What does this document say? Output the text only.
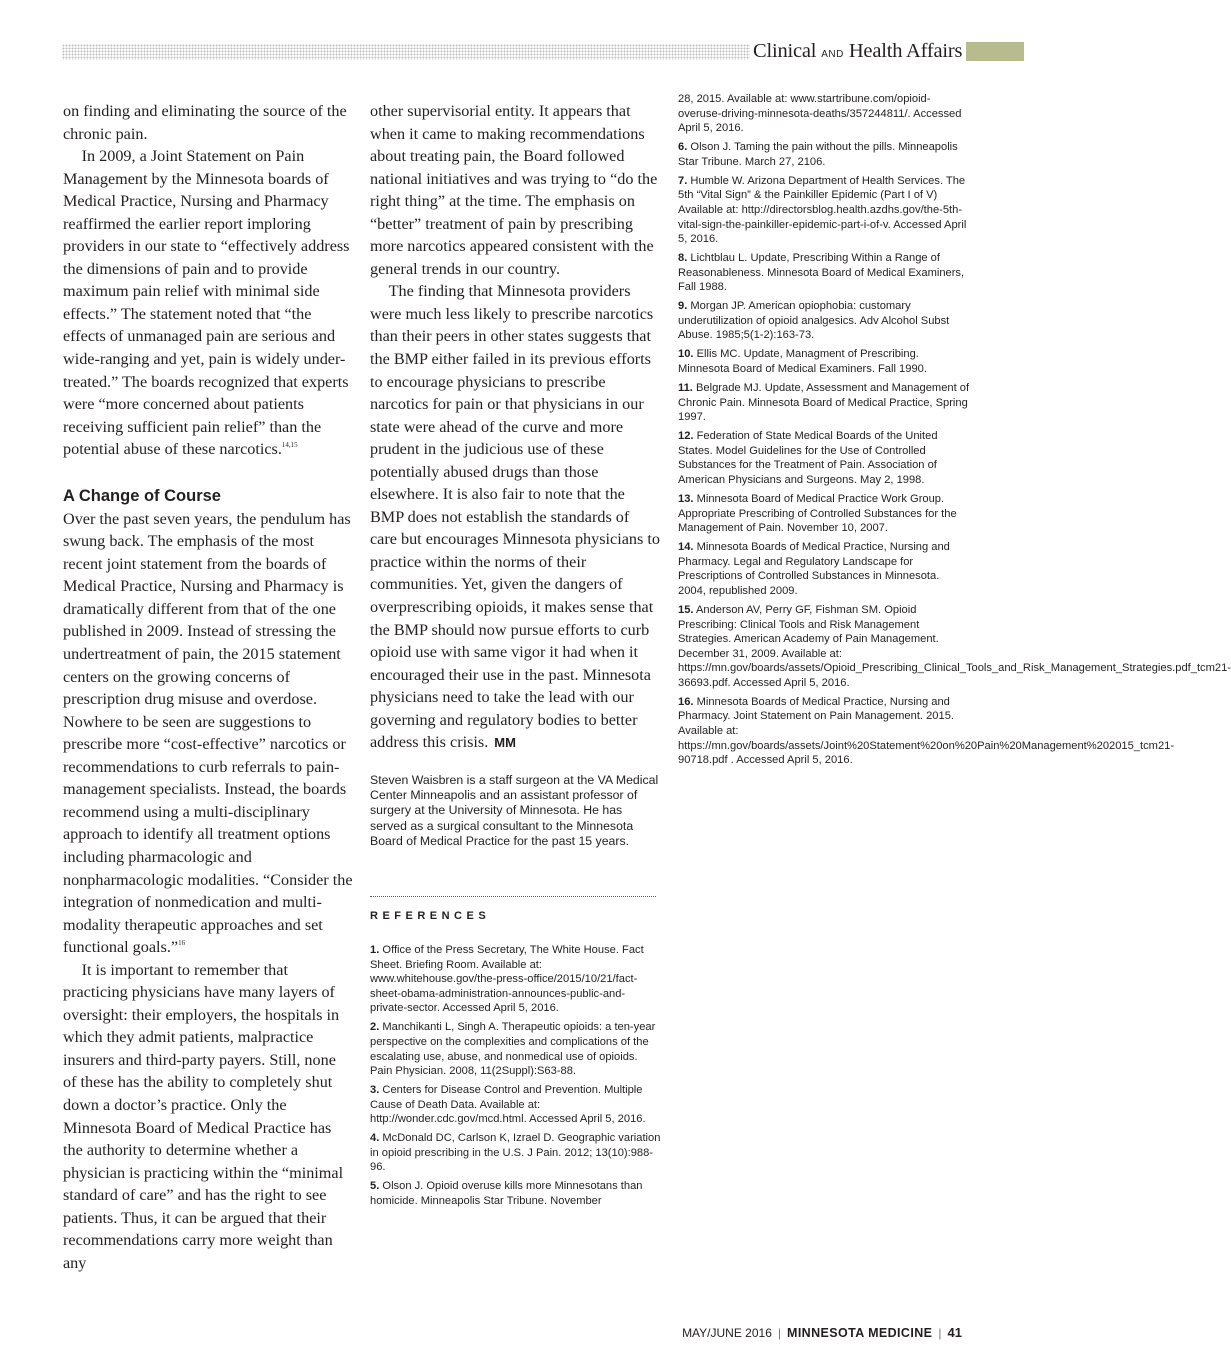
Clinical AND Health Affairs

on finding and eliminating the source of the chronic pain.

In 2009, a Joint Statement on Pain Management by the Minnesota boards of Medical Practice, Nursing and Pharmacy reaffirmed the earlier report imploring providers in our state to “effectively address the dimensions of pain and to provide maximum pain relief with minimal side effects.” The statement noted that “the effects of unmanaged pain are serious and wide-ranging and yet, pain is widely under-treated.” The boards recognized that experts were “more concerned about patients receiving sufficient pain relief” than the potential abuse of these narcotics.$^{14,15}$

A Change of Course

Over the past seven years, the pendulum has swung back. The emphasis of the most recent joint statement from the boards of Medical Practice, Nursing and Pharmacy is dramatically different from that of the one published in 2009. Instead of stressing the undertreatment of pain, the 2015 statement centers on the growing concerns of prescription drug misuse and overdose. Nowhere to be seen are suggestions to prescribe more “cost-effective” narcotics or recommendations to curb referrals to pain-management specialists. Instead, the boards recommend using a multi-disciplinary approach to identify all treatment options including pharmacologic and nonpharmacologic modalities. “Consider the integration of nonmedication and multi-modality therapeutic approaches and set functional goals.”$^{16}$

It is important to remember that practicing physicians have many layers of oversight: their employers, the hospitals in which they admit patients, malpractice insurers and third-party payers. Still, none of these has the ability to completely shut down a doctor’s practice. Only the Minnesota Board of Medical Practice has the authority to determine whether a physician is practicing within the “minimal standard of care” and has the right to see patients. Thus, it can be argued that their recommendations carry more weight than any

other supervisorial entity. It appears that when it came to making recommendations about treating pain, the Board followed national initiatives and was trying to “do the right thing” at the time. The emphasis on “better” treatment of pain by prescribing more narcotics appeared consistent with the general trends in our country.

The finding that Minnesota providers were much less likely to prescribe narcotics than their peers in other states suggests that the BMP either failed in its previous efforts to encourage physicians to prescribe narcotics for pain or that physicians in our state were ahead of the curve and more prudent in the judicious use of these potentially abused drugs than those elsewhere. It is also fair to note that the BMP does not establish the standards of care but encourages Minnesota physicians to practice within the norms of their communities. Yet, given the dangers of overprescribing opioids, it makes sense that the BMP should now pursue efforts to curb opioid use with same vigor it had when it encouraged their use in the past. Minnesota physicians need to take the lead with our governing and regulatory bodies to better address this crisis. MM

Steven Waisbren is a staff surgeon at the VA Medical Center Minneapolis and an assistant professor of surgery at the University of Minnesota. He has served as a surgical consultant to the Minnesota Board of Medical Practice for the past 15 years.
REFERENCES
1. Office of the Press Secretary, The White House. Fact Sheet. Briefing Room. Available at: www.whitehouse.gov/the-press-office/2015/10/21/fact-sheet-obama-administration-announces-public-and-private-sector. Accessed April 5, 2016.
2. Manchikanti L, Singh A. Therapeutic opioids: a ten-year perspective on the complexities and complications of the escalating use, abuse, and nonmedical use of opioids. Pain Physician. 2008, 11(2Suppl):S63-88.
3. Centers for Disease Control and Prevention. Multiple Cause of Death Data. Available at: http://wonder.cdc.gov/mcd.html. Accessed April 5, 2016.
4. McDonald DC, Carlson K, Izrael D. Geographic variation in opioid prescribing in the U.S. J Pain. 2012; 13(10):988-96.
5. Olson J. Opioid overuse kills more Minnesotans than homicide. Minneapolis Star Tribune. November
28, 2015. Available at: www.startribune.com/opioid-overuse-driving-minnesota-deaths/357244811/. Accessed April 5, 2016.
6. Olson J. Taming the pain without the pills. Minneapolis Star Tribune. March 27, 2106.
7. Humble W. Arizona Department of Health Services. The 5th “Vital Sign” & the Painkiller Epidemic (Part I of V) Available at: http://directorsblog.health.azdhs.gov/the-5th-vital-sign-the-painkiller-epidemic-part-i-of-v. Accessed April 5, 2016.
8. Lichtblau L. Update, Prescribing Within a Range of Reasonableness. Minnesota Board of Medical Examiners, Fall 1988.
9. Morgan JP. American opiophobia: customary underutilization of opioid analgesics. Adv Alcohol Subst Abuse. 1985;5(1-2):163-73.
10. Ellis MC. Update, Managment of Prescribing. Minnesota Board of Medical Examiners. Fall 1990.
11. Belgrade MJ. Update, Assessment and Management of Chronic Pain. Minnesota Board of Medical Practice, Spring 1997.
12. Federation of State Medical Boards of the United States. Model Guidelines for the Use of Controlled Substances for the Treatment of Pain. Association of American Physicians and Surgeons. May 2, 1998.
13. Minnesota Board of Medical Practice Work Group. Appropriate Prescribing of Controlled Substances for the Management of Pain. November 10, 2007.
14. Minnesota Boards of Medical Practice, Nursing and Pharmacy. Legal and Regulatory Landscape for Prescriptions of Controlled Substances in Minnesota. 2004, republished 2009.
15. Anderson AV, Perry GF, Fishman SM. Opioid Prescribing: Clinical Tools and Risk Management Strategies. American Academy of Pain Management. December 31, 2009. Available at: https://mn.gov/boards/assets/Opioid_Prescribing_Clinical_Tools_and_Risk_Management_Strategies.pdf_tcm21-36693.pdf. Accessed April 5, 2016.
16. Minnesota Boards of Medical Practice, Nursing and Pharmacy. Joint Statement on Pain Management. 2015. Available at: https://mn.gov/boards/assets/Joint%20Statement%20on%20Pain%20Management%202015_tcm21-90718.pdf . Accessed April 5, 2016.
MAY/JUNE 2016 | MINNESOTA MEDICINE | 41
